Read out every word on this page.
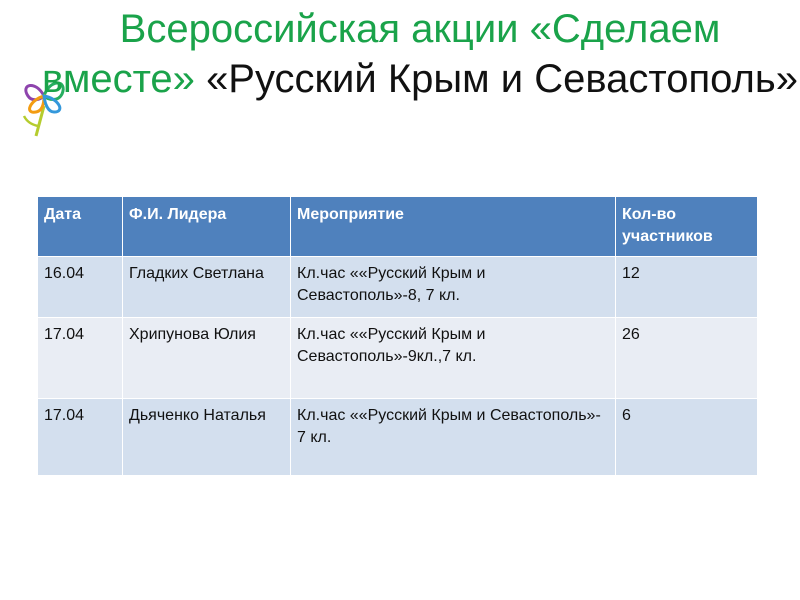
Всероссийская акции «Сделаем вместе» «Русский Крым и Севастополь»
Дата	Ф.И. Лидера	Мероприятие	Кол-во участников
16.04	Гладких Светлана	Кл.час ««Русский Крым и Севастополь»-8, 7 кл.	12
17.04	Хрипунова Юлия	Кл.час ««Русский Крым и Севастополь»-9кл.,7 кл.	26
17.04	Дьяченко Наталья	Кл.час ««Русский Крым и Севастополь»- 7 кл.	6
